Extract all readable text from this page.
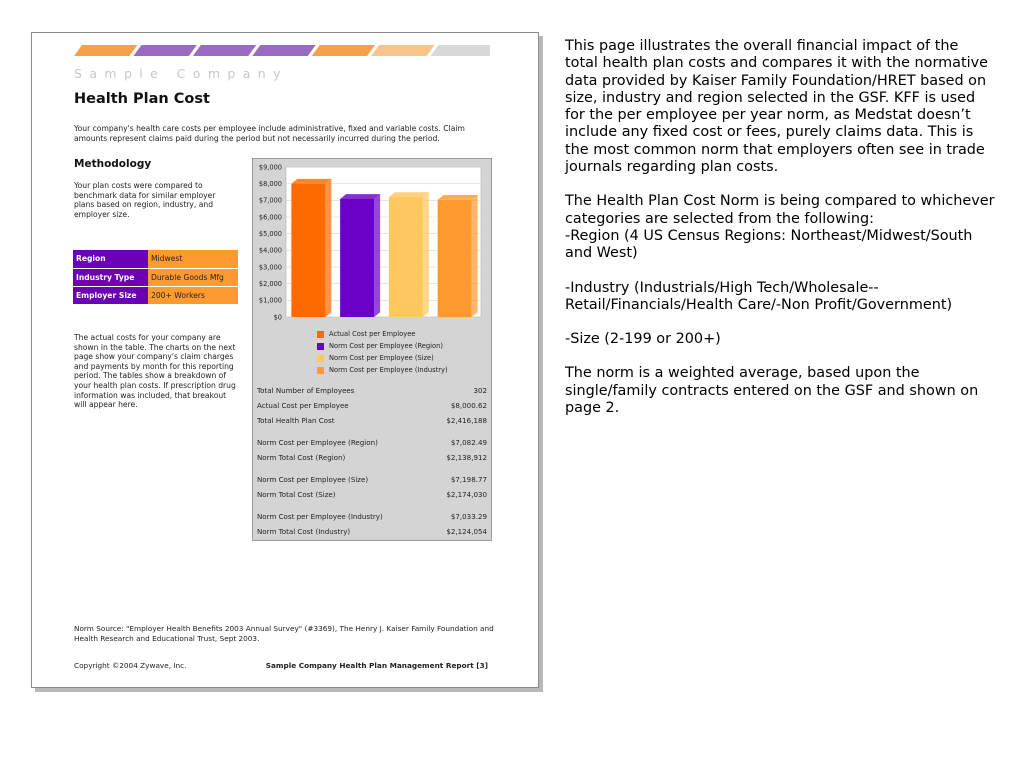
Sample Company
Health Plan Cost
Your company's health care costs per employee include administrative, fixed and variable costs. Claim amounts represent claims paid during the period but not necessarily incurred during the period.
Methodology
Your plan costs were compared to benchmark data for similar employer plans based on region, industry, and employer size.
Region	Midwest
Industry Type	Durable Goods Mfg
Employer Size	200+ Workers
The actual costs for your company are shown in the table. The charts on the next page show your company's claim charges and payments by month for this reporting period. The tables show a breakdown of your health plan costs. If prescription drug information was included, that breakout will appear here.
$0
$1,000
$2,000
$3,000
$4,000
$5,000
$6,000
$7,000
$8,000
$9,000
Actual Cost per Employee
Norm Cost per Employee (Region)
Norm Cost per Employee (Size)
Norm Cost per Employee (Industry)
Total Number of Employees	302
Actual Cost per Employee	$8,000.62
Total Health Plan Cost	$2,416,188
Norm Cost per Employee (Region)	$7,082.49
Norm Total Cost (Region)	$2,138,912
Norm Cost per Employee (Size)	$7,198.77
Norm Total Cost (Size)	$2,174,030
Norm Cost per Employee (Industry)	$7,033.29
Norm Total Cost (Industry)	$2,124,054
Norm Source: "Employer Health Benefits 2003 Annual Survey" (#3369), The Henry J. Kaiser Family Foundation and Health Research and Educational Trust, Sept 2003.
Copyright ©2004 Zywave, Inc.	Sample Company Health Plan Management Report [3]

This page illustrates the overall financial impact of the total health plan costs and compares it with the normative data provided by Kaiser Family Foundation/HRET based on size, industry and region selected in the GSF. KFF is used for the per employee per year norm, as Medstat doesn’t include any fixed cost or fees, purely claims data. This is the most common norm that employers often see in trade journals regarding plan costs.

The Health Plan Cost Norm is being compared to whichever categories are selected from the following:

-Region (4 US Census Regions: Northeast/Midwest/South and West)

-Industry (Industrials/High Tech/Wholesale--Retail/Financials/Health Care/-Non Profit/Government)

-Size (2-199 or 200+)

The norm is a weighted average, based upon the single/family contracts entered on the GSF and shown on page 2.
